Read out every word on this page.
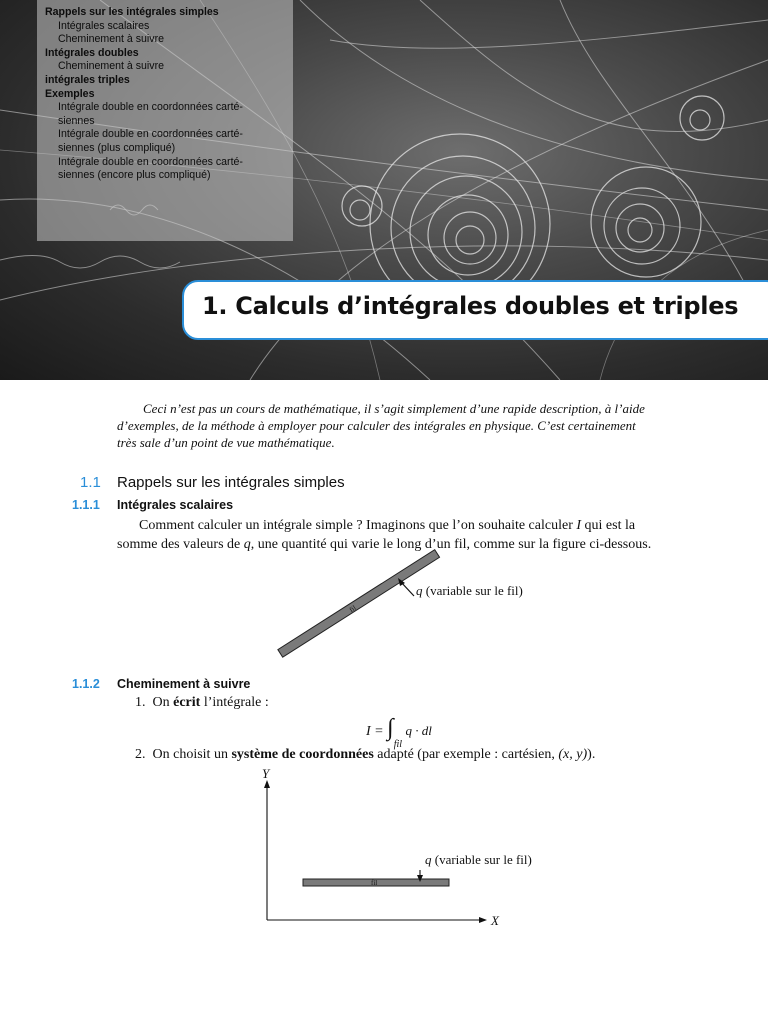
Rappels sur les intégrales simples
Intégrales scalaires
Cheminement à suivre
Intégrales doubles
Cheminement à suivre
intégrales triples
Exemples
Intégrale double en coordonnées carté-
siennes
Intégrale double en coordonnées carté-
siennes (plus compliqué)
Intégrale double en coordonnées carté-
siennes (encore plus compliqué)
1. Calculs d’intégrales doubles et triples
Ceci n’est pas un cours de mathématique, il s’agit simplement d’une rapide description, à l’aide d’exemples, de la méthode à employer pour calculer des intégrales en physique. C’est certainement très sale d’un point de vue mathématique.
1.1 Rappels sur les intégrales simples
1.1.1 Intégrales scalaires
Comment calculer un intégrale simple ? Imaginons que l’on souhaite calculer I qui est la somme des valeurs de q, une quantité qui varie le long d’un fil, comme sur la figure ci-dessous.
fil
q (variable sur le fil)
1.1.2 Cheminement à suivre
1. On écrit l’intégrale :
$I = \int_{fil}$ q · dl
2. On choisit un système de coordonnées adapté (par exemple : cartésien, (x, y)).
Y
X
fil
q (variable sur le fil)
